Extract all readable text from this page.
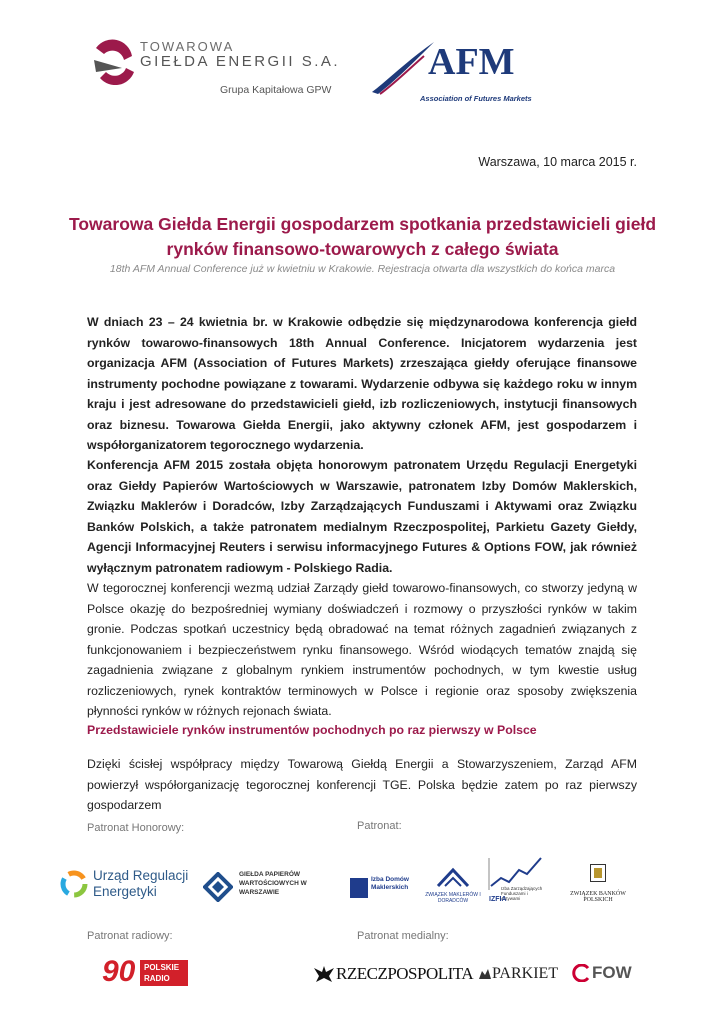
TOWAROWA
GIEŁDA ENERGII S.A.
Grupa Kapitałowa GPW
AFM
Association of Futures Markets
Warszawa, 10 marca 2015 r.
Towarowa Giełda Energii gospodarzem spotkania przedstawicieli giełd rynków finansowo-towarowych z całego świata
18th AFM Annual Conference już w kwietniu w Krakowie. Rejestracja otwarta dla wszystkich do końca marca
W dniach 23 – 24 kwietnia br. w Krakowie odbędzie się międzynarodowa konferencja giełd rynków towarowo-finansowych 18th Annual Conference. Inicjatorem wydarzenia jest organizacja AFM (Association of Futures Markets) zrzeszająca giełdy oferujące finansowe instrumenty pochodne powiązane z towarami. Wydarzenie odbywa się każdego roku w innym kraju i jest adresowane do przedstawicieli giełd, izb rozliczeniowych, instytucji finansowych oraz biznesu. Towarowa Giełda Energii, jako aktywny członek AFM, jest gospodarzem i współorganizatorem tegorocznego wydarzenia.
Konferencja AFM 2015 została objęta honorowym patronatem Urzędu Regulacji Energetyki oraz Giełdy Papierów Wartościowych w Warszawie, patronatem Izby Domów Maklerskich, Związku Maklerów i Doradców, Izby Zarządzających Funduszami i Aktywami oraz Związku Banków Polskich, a także patronatem medialnym Rzeczpospolitej, Parkietu Gazety Giełdy, Agencji Informacyjnej Reuters i serwisu informacyjnego Futures & Options FOW, jak również wyłącznym patronatem radiowym - Polskiego Radia.
W tegorocznej konferencji wezmą udział Zarządy giełd towarowo-finansowych, co stworzy jedyną w Polsce okazję do bezpośredniej wymiany doświadczeń i rozmowy o przyszłości rynków w takim gronie. Podczas spotkań uczestnicy będą obradować na temat różnych zagadnień związanych z funkcjonowaniem i bezpieczeństwem rynku finansowego. Wśród wiodących tematów znajdą się zagadnienia związane z globalnym rynkiem instrumentów pochodnych, w tym kwestie usług rozliczeniowych, rynek kontraktów terminowych w Polsce i regionie oraz sposoby zwiększenia płynności rynków w różnych rejonach świata.
Przedstawiciele rynków instrumentów pochodnych po raz pierwszy w Polsce
Dzięki ścisłej współpracy między Towarową Giełdą Energii a Stowarzyszeniem, Zarząd AFM powierzył współorganizację tegorocznej konferencji TGE. Polska będzie zatem po raz pierwszy gospodarzem
Patronat Honorowy:	Patronat:
Urząd Regulacji
Energetyki
GIEŁDA PAPIERÓW WARTOŚCIOWYCH W WARSZAWIE
Izba Domów Maklerskich
ZWIĄZEK MAKLERÓW I DORADCÓW
Izba Zarządzających Funduszami i Aktywami
IZFIA
ZWIĄZEK BANKÓW POLSKICH
Patronat radiowy:	Patronat medialny:
90	POLSKIE RADIO	RZECZPOSPOLITA PARKIET FOW
